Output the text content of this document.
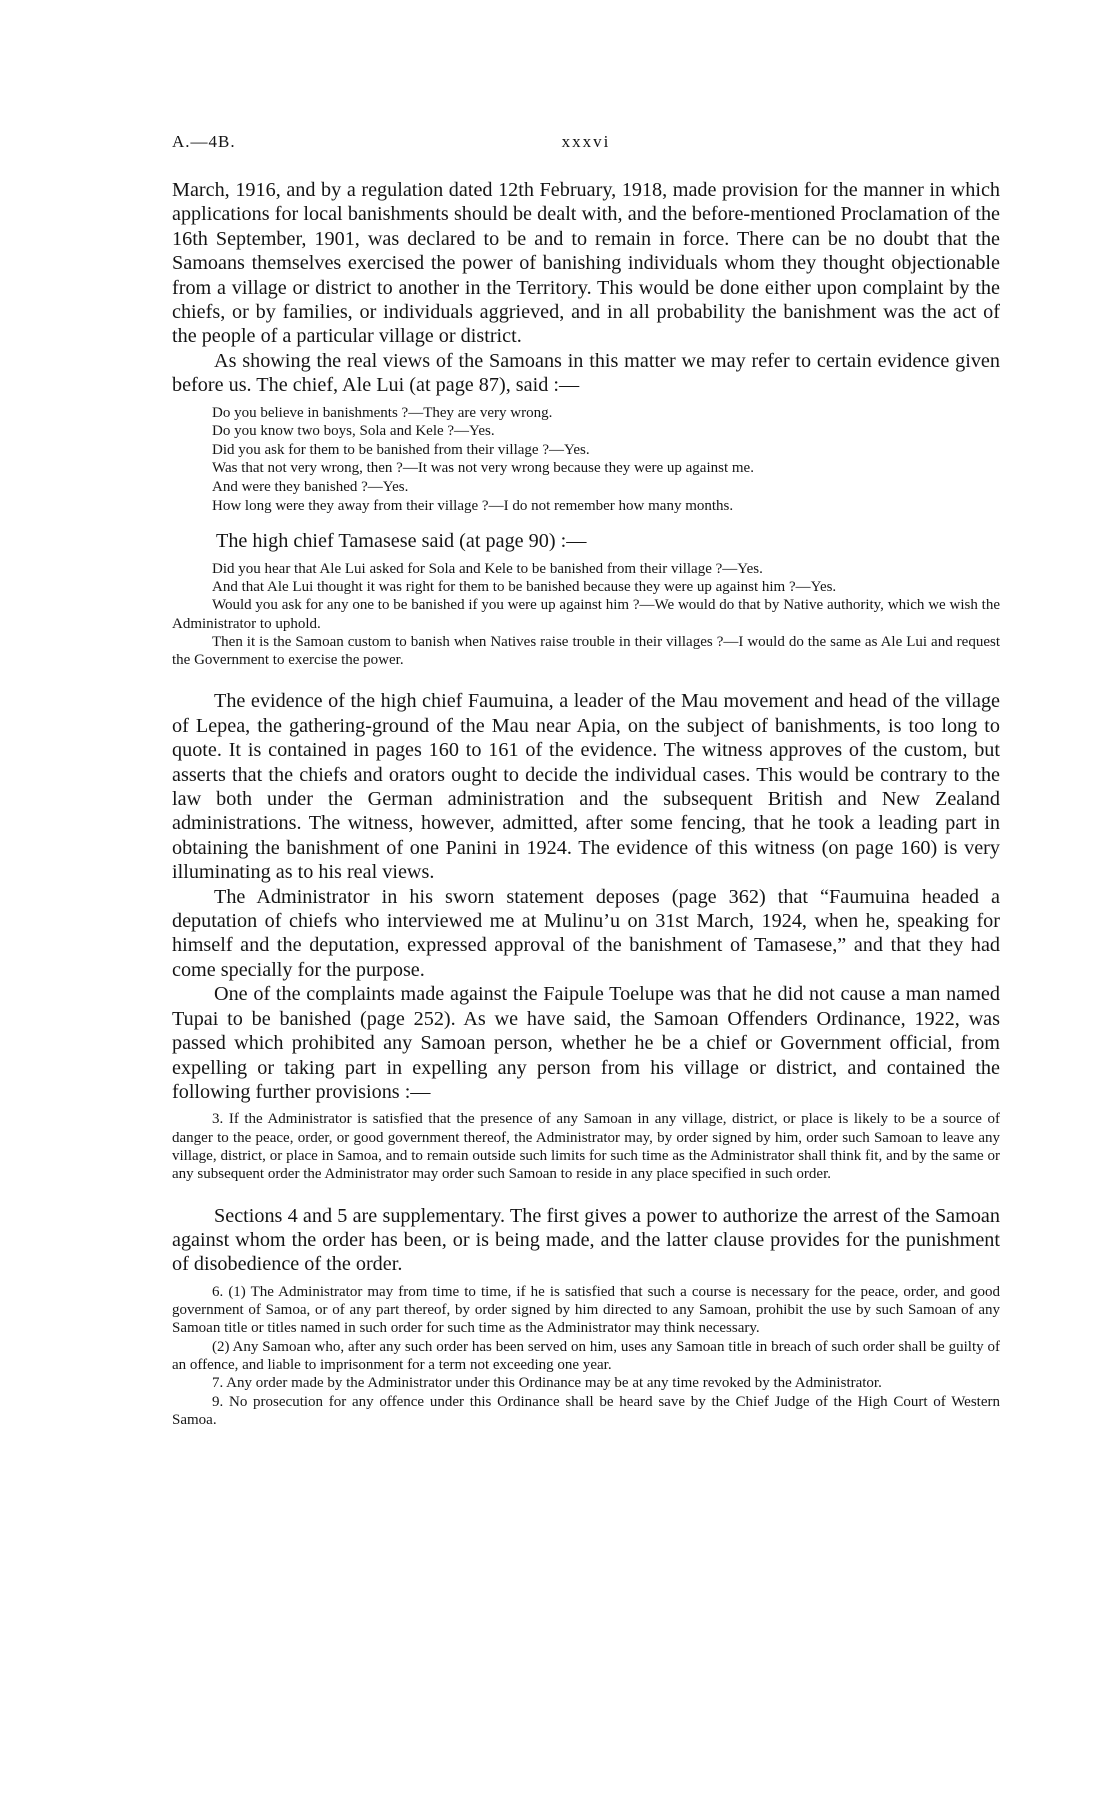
A.—4B.	xxxvi

March, 1916, and by a regulation dated 12th February, 1918, made provision for the manner in which applications for local banishments should be dealt with, and the before-mentioned Proclamation of the 16th September, 1901, was declared to be and to remain in force. There can be no doubt that the Samoans themselves exercised the power of banishing individuals whom they thought objectionable from a village or district to another in the Territory. This would be done either upon complaint by the chiefs, or by families, or individuals aggrieved, and in all probability the banishment was the act of the people of a particular village or district.

As showing the real views of the Samoans in this matter we may refer to certain evidence given before us. The chief, Ale Lui (at page 87), said :—

Do you believe in banishments ?—They are very wrong.
Do you know two boys, Sola and Kele ?—Yes.
Did you ask for them to be banished from their village ?—Yes.
Was that not very wrong, then ?—It was not very wrong because they were up against me.
And were they banished ?—Yes.
How long were they away from their village ?—I do not remember how many months.

The high chief Tamasese said (at page 90) :—

Did you hear that Ale Lui asked for Sola and Kele to be banished from their village ?—Yes.

And that Ale Lui thought it was right for them to be banished because they were up against him ?—Yes.

Would you ask for any one to be banished if you were up against him ?—We would do that by Native authority, which we wish the Administrator to uphold.

Then it is the Samoan custom to banish when Natives raise trouble in their villages ?—I would do the same as Ale Lui and request the Government to exercise the power.

The evidence of the high chief Faumuina, a leader of the Mau movement and head of the village of Lepea, the gathering-ground of the Mau near Apia, on the subject of banishments, is too long to quote. It is contained in pages 160 to 161 of the evidence. The witness approves of the custom, but asserts that the chiefs and orators ought to decide the individual cases. This would be contrary to the law both under the German administration and the subsequent British and New Zealand administrations. The witness, however, admitted, after some fencing, that he took a leading part in obtaining the banishment of one Panini in 1924. The evidence of this witness (on page 160) is very illuminating as to his real views.

The Administrator in his sworn statement deposes (page 362) that “Faumuina headed a deputation of chiefs who interviewed me at Mulinu’u on 31st March, 1924, when he, speaking for himself and the deputation, expressed approval of the banishment of Tamasese,” and that they had come specially for the purpose.

One of the complaints made against the Faipule Toelupe was that he did not cause a man named Tupai to be banished (page 252). As we have said, the Samoan Offenders Ordinance, 1922, was passed which prohibited any Samoan person, whether he be a chief or Government official, from expelling or taking part in expelling any person from his village or district, and contained the following further provisions :—

3. If the Administrator is satisfied that the presence of any Samoan in any village, district, or place is likely to be a source of danger to the peace, order, or good government thereof, the Administrator may, by order signed by him, order such Samoan to leave any village, district, or place in Samoa, and to remain outside such limits for such time as the Administrator shall think fit, and by the same or any subsequent order the Administrator may order such Samoan to reside in any place specified in such order.

Sections 4 and 5 are supplementary. The first gives a power to authorize the arrest of the Samoan against whom the order has been, or is being made, and the latter clause provides for the punishment of disobedience of the order.

6. (1) The Administrator may from time to time, if he is satisfied that such a course is necessary for the peace, order, and good government of Samoa, or of any part thereof, by order signed by him directed to any Samoan, prohibit the use by such Samoan of any Samoan title or titles named in such order for such time as the Administrator may think necessary.

(2) Any Samoan who, after any such order has been served on him, uses any Samoan title in breach of such order shall be guilty of an offence, and liable to imprisonment for a term not exceeding one year.

7. Any order made by the Administrator under this Ordinance may be at any time revoked by the Administrator.

9. No prosecution for any offence under this Ordinance shall be heard save by the Chief Judge of the High Court of Western Samoa.
